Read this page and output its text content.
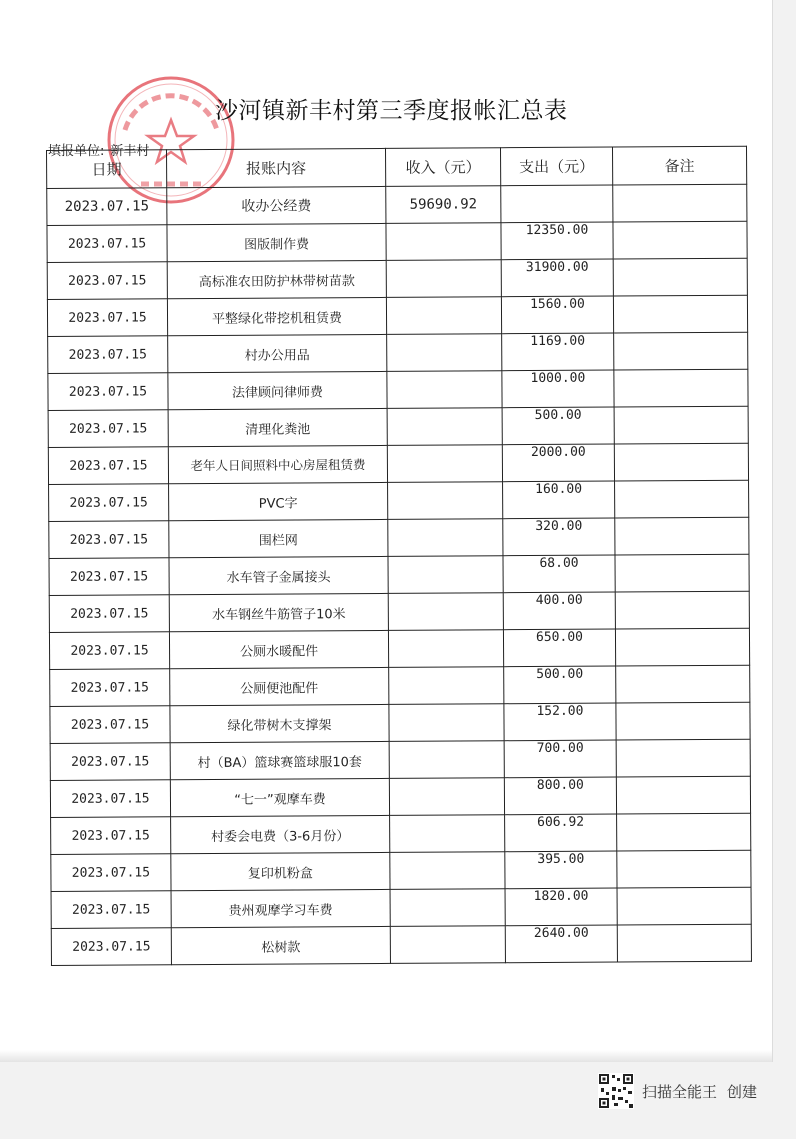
沙河镇新丰村第三季度报帐汇总表
填报单位: 新丰村
日期	报账内容	收入（元）	支出（元）	备注
2023.07.15	收办公经费	59690.92		
2023.07.15	图版制作费		12350.00	
2023.07.15	高标准农田防护林带树苗款		31900.00	
2023.07.15	平整绿化带挖机租赁费		1560.00	
2023.07.15	村办公用品		1169.00	
2023.07.15	法律顾问律师费		1000.00	
2023.07.15	清理化粪池		500.00	
2023.07.15	老年人日间照料中心房屋租赁费		2000.00	
2023.07.15	PVC字		160.00	
2023.07.15	围栏网		320.00	
2023.07.15	水车管子金属接头		68.00	
2023.07.15	水车钢丝牛筋管子10米		400.00	
2023.07.15	公厕水暖配件		650.00	
2023.07.15	公厕便池配件		500.00	
2023.07.15	绿化带树木支撑架		152.00	
2023.07.15	村（BA）篮球赛篮球服10套		700.00	
2023.07.15	“七一”观摩车费		800.00	
2023.07.15	村委会电费（3-6月份）		606.92	
2023.07.15	复印机粉盒		395.00	
2023.07.15	贵州观摩学习车费		1820.00	
2023.07.15	松树款		2640.00	
扫描全能王 创建
